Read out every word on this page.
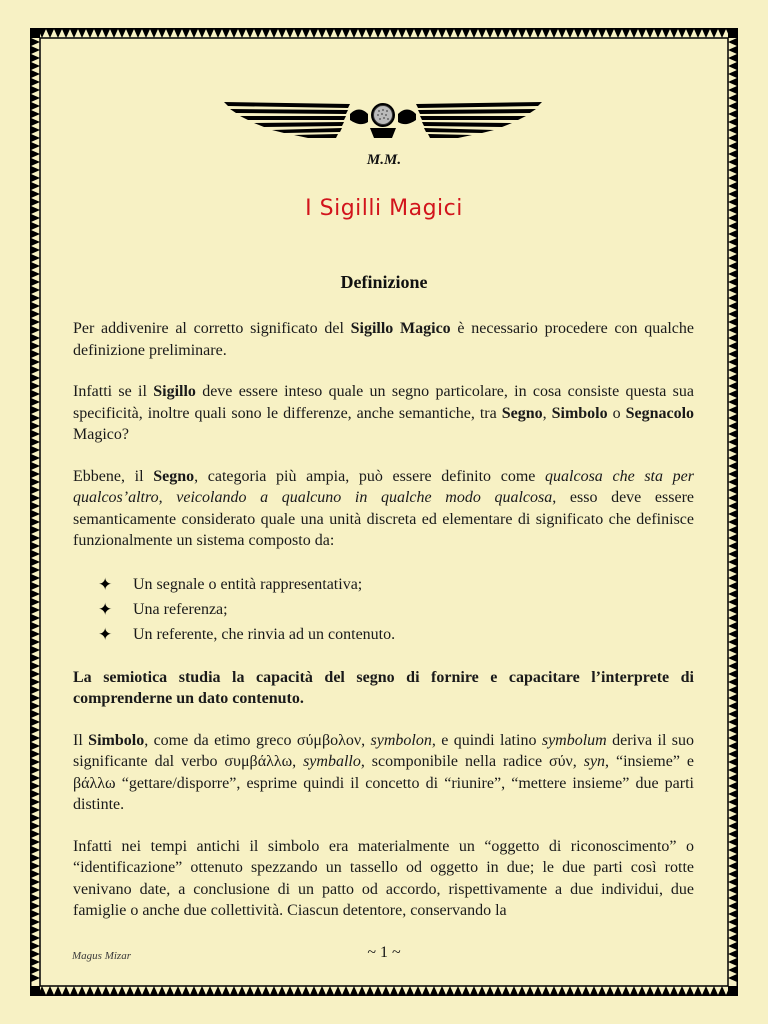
M.M.
I Sigilli Magici
Definizione

Per addivenire al corretto significato del Sigillo Magico è necessario procedere con qualche definizione preliminare.

Infatti se il Sigillo deve essere inteso quale un segno particolare, in cosa consiste questa sua specificità, inoltre quali sono le differenze, anche semantiche, tra Segno, Simbolo o Segnacolo Magico?

Ebbene, il Segno, categoria più ampia, può essere definito come qualcosa che sta per qualcos’altro, veicolando a qualcuno in qualche modo qualcosa, esso deve essere semanticamente considerato quale una unità discreta ed elementare di significato che definisce funzionalmente un sistema composto da:

✦ Un segnale o entità rappresentativa;
✦ Una referenza;
✦ Un referente, che rinvia ad un contenuto.

La semiotica studia la capacità del segno di fornire e capacitare l’interprete di comprenderne un dato contenuto.

Il Simbolo, come da etimo greco σύμβολον, symbolon, e quindi latino symbolum deriva il suo significante dal verbo συμβάλλω, symballo, scomponibile nella radice σύν, syn, “insieme” e βάλλω “gettare/disporre”, esprime quindi il concetto di “riunire”, “mettere insieme” due parti distinte.

Infatti nei tempi antichi il simbolo era materialmente un “oggetto di riconoscimento” o “identificazione” ottenuto spezzando un tassello od oggetto in due; le due parti così rotte venivano date, a conclusione di un patto od accordo, rispettivamente a due individui, due famiglie o anche due collettività. Ciascun detentore, conservando la

Magus Mizar	~ 1 ~
